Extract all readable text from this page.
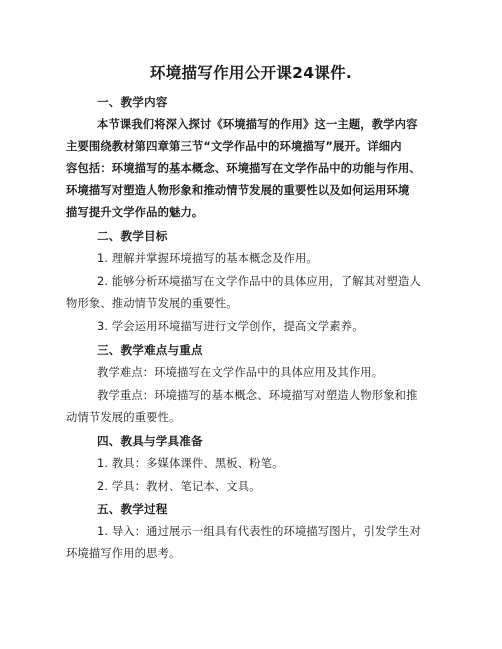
环境描写作用公开课24课件.
一、教学内容
本节课我们将深入探讨《环境描写的作用》这一主题，教学内容
主要围绕教材第四章第三节“文学作品中的环境描写”展开。详细内
容包括：环境描写的基本概念、环境描写在文学作品中的功能与作用、
环境描写对塑造人物形象和推动情节发展的重要性以及如何运用环境
描写提升文学作品的魅力。
二、教学目标
1. 理解并掌握环境描写的基本概念及作用。
2. 能够分析环境描写在文学作品中的具体应用，了解其对塑造人
物形象、推动情节发展的重要性。
3. 学会运用环境描写进行文学创作，提高文学素养。
三、教学难点与重点
教学难点：环境描写在文学作品中的具体应用及其作用。
教学重点：环境描写的基本概念、环境描写对塑造人物形象和推
动情节发展的重要性。
四、教具与学具准备
1. 教具：多媒体课件、黑板、粉笔。
2. 学具：教材、笔记本、文具。
五、教学过程
1. 导入：通过展示一组具有代表性的环境描写图片，引发学生对
环境描写作用的思考。
